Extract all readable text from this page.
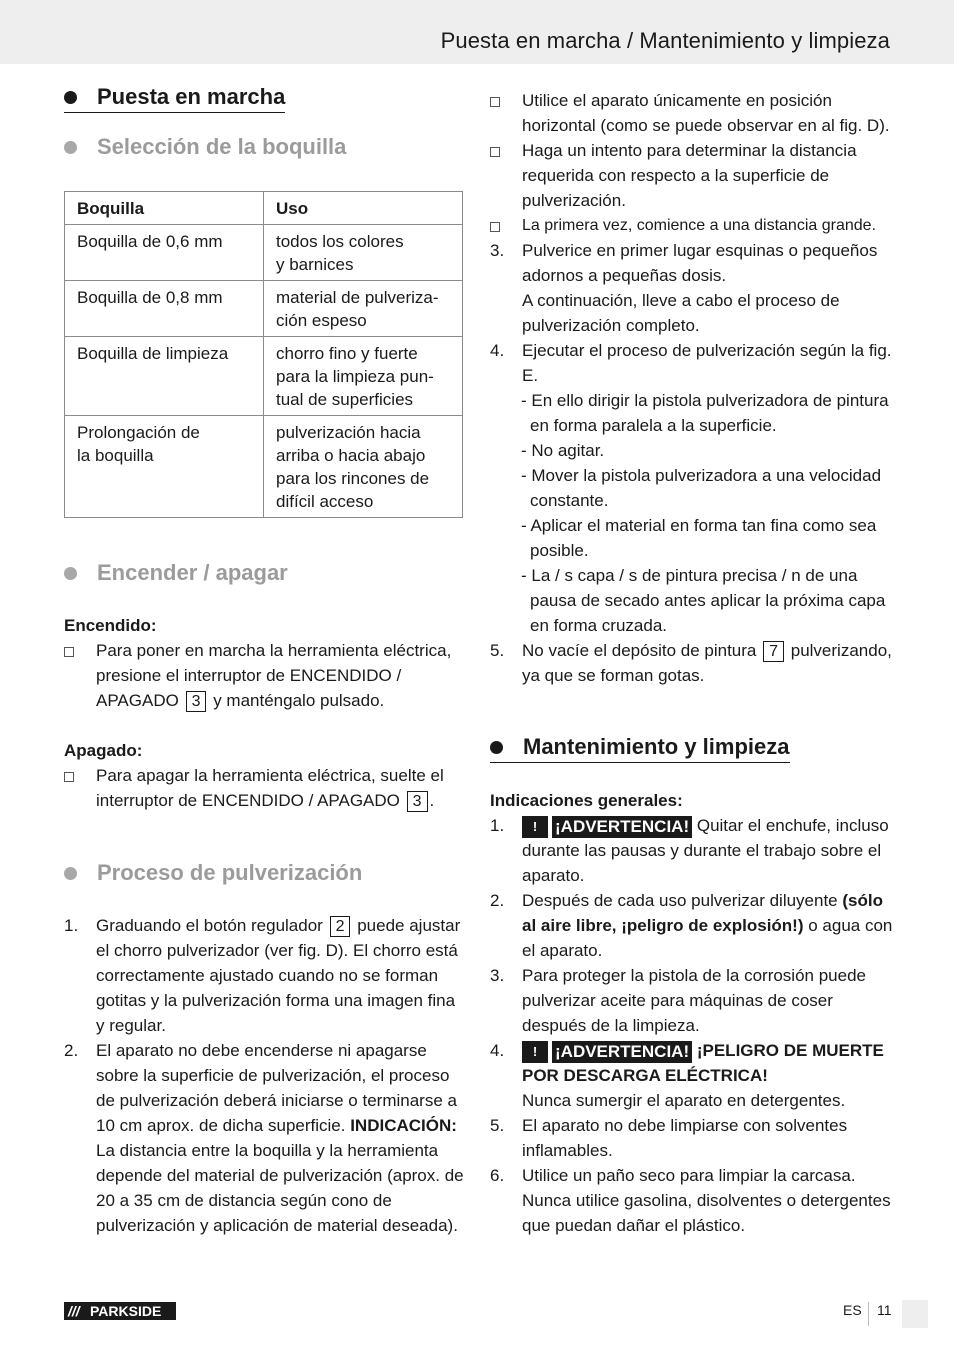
Puesta en marcha / Mantenimiento y limpieza
Puesta en marcha
Selección de la boquilla
Boquilla	Uso
Boquilla de 0,6 mm	todos los colores
y barnices
Boquilla de 0,8 mm	material de pulveriza-
ción espeso
Boquilla de limpieza	chorro fino y fuerte
para la limpieza pun-
tual de superficies
Prolongación de
la boquilla	pulverización hacia
arriba o hacia abajo
para los rincones de
difícil acceso
Encender / apagar
Encendido:
Para poner en marcha la herramienta eléctrica, presione el interruptor de ENCENDIDO / APAGADO 3 y manténgalo pulsado.
Apagado:
Para apagar la herramienta eléctrica, suelte el interruptor de ENCENDIDO / APAGADO 3 .
Proceso de pulverización
1.	Graduando el botón regulador 2 puede ajustar el chorro pulverizador (ver fig. D). El chorro está correctamente ajustado cuando no se forman gotitas y la pulverización forma una imagen fina y regular.
2.	El aparato no debe encenderse ni apagarse sobre la superficie de pulverización, el proceso de pulverización deberá iniciarse o terminarse a 10 cm aprox. de dicha superficie. INDICACIÓN: La distancia entre la boquilla y la herramienta depende del material de pulverización (aprox. de 20 a 35 cm de distancia según cono de pulverización y aplicación de material deseada).
Utilice el aparato únicamente en posición horizontal (como se puede observar en al fig. D).
Haga un intento para determinar la distancia requerida con respecto a la superficie de pulverización.
La primera vez, comience a una distancia grande.
3.	Pulverice en primer lugar esquinas o pequeños adornos a pequeñas dosis.
A continuación, lleve a cabo el proceso de pulverización completo.
4.	Ejecutar el proceso de pulverización según la fig. E.
- En ello dirigir la pistola pulverizadora de pintura en forma paralela a la superficie.
- No agitar.
- Mover la pistola pulverizadora a una velocidad constante.
- Aplicar el material en forma tan fina como sea posible.
- La / s capa / s de pintura precisa / n de una pausa de secado antes aplicar la próxima capa en forma cruzada.
5.	No vacíe el depósito de pintura 7 pulverizando, ya que se forman gotas.
Mantenimiento y limpieza
Indicaciones generales:
1.	! ¡ADVERTENCIA! Quitar el enchufe, incluso durante las pausas y durante el trabajo sobre el aparato.
2.	Después de cada uso pulverizar diluyente (sólo al aire libre, ¡peligro de explosión!) o agua con el aparato.
3.	Para proteger la pistola de la corrosión puede pulverizar aceite para máquinas de coser después de la limpieza.
4.	! ¡ADVERTENCIA! ¡PELIGRO DE MUERTE POR DESCARGA ELÉCTRICA!
Nunca sumergir el aparato en detergentes.
5.	El aparato no debe limpiarse con solventes inflamables.
6.	Utilice un paño seco para limpiar la carcasa. Nunca utilice gasolina, disolventes o detergentes que puedan dañar el plástico.
/// PARKSIDE	ES 11
